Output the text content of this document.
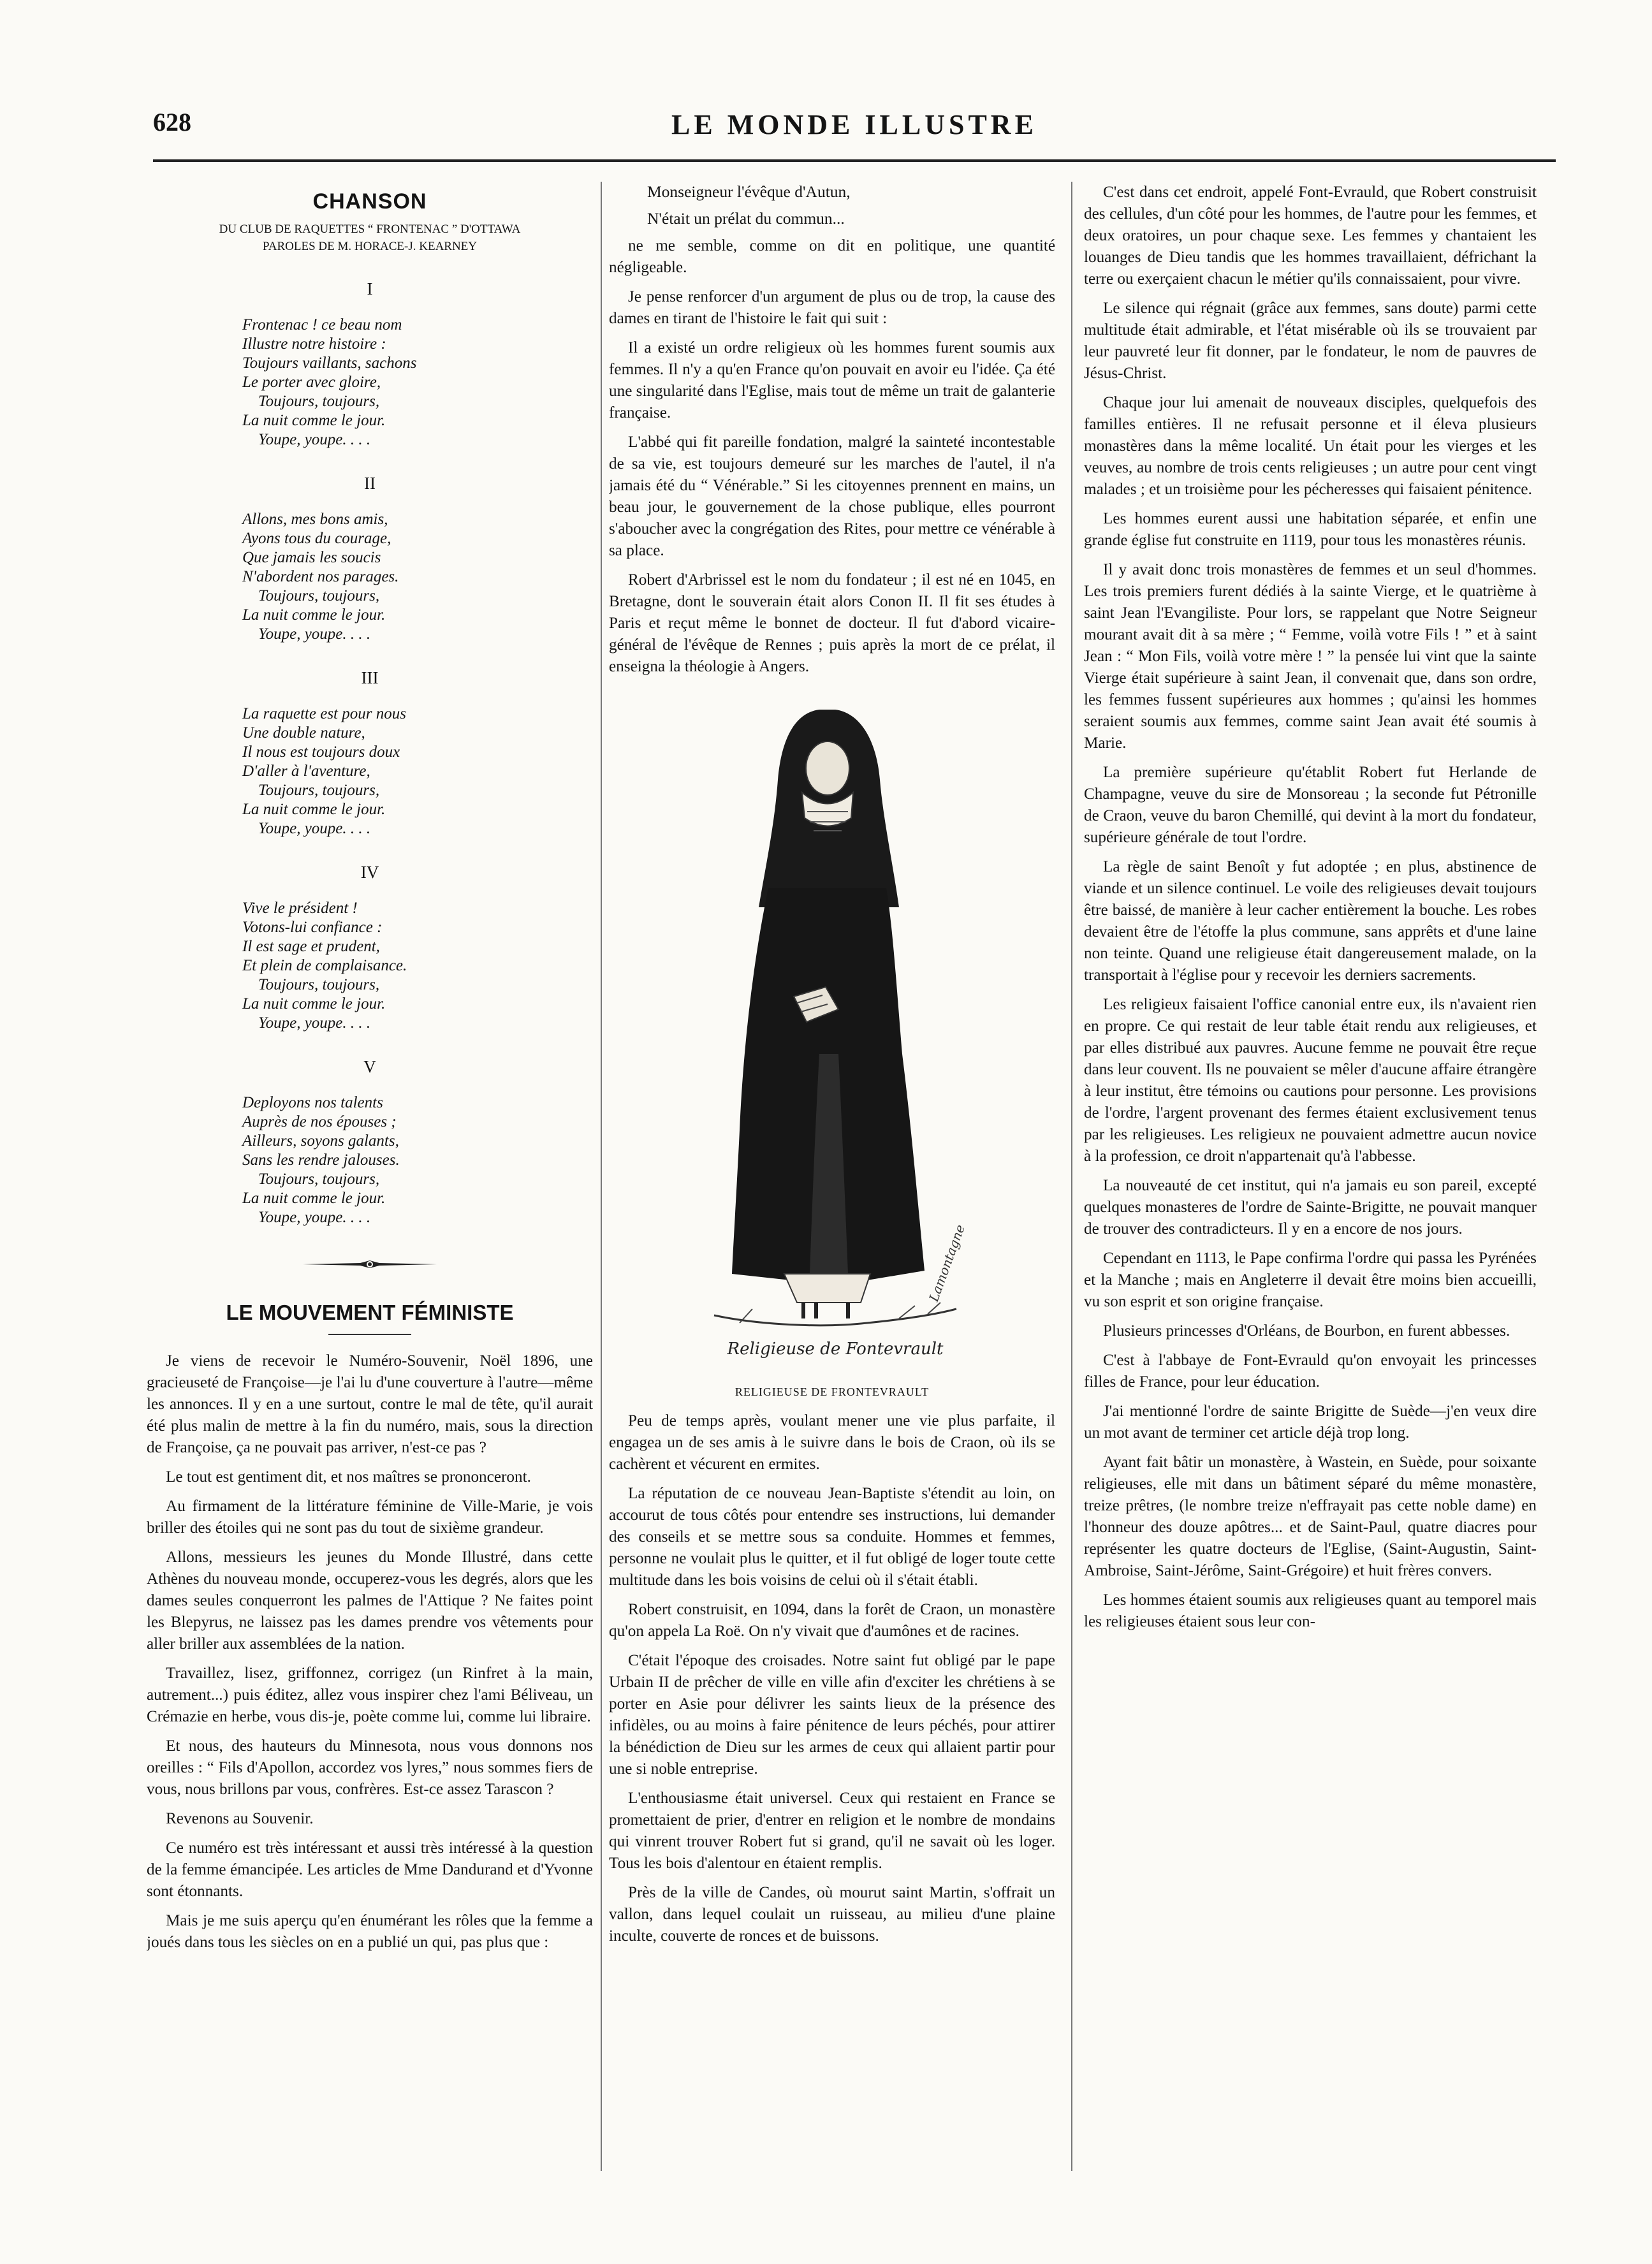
628	LE MONDE ILLUSTRE
CHANSON
DU CLUB DE RAQUETTES “ FRONTENAC ” D'OTTAWA
PAROLES DE M. HORACE-J. KEARNEY
I
Frontenac ! ce beau nom
Illustre notre histoire :
Toujours vaillants, sachons
Le porter avec gloire,
Toujours, toujours,
La nuit comme le jour.
Youpe, youpe. . . .
II
Allons, mes bons amis,
Ayons tous du courage,
Que jamais les soucis
N'abordent nos parages.
Toujours, toujours,
La nuit comme le jour.
Youpe, youpe. . . .
III
La raquette est pour nous
Une double nature,
Il nous est toujours doux
D'aller à l'aventure,
Toujours, toujours,
La nuit comme le jour.
Youpe, youpe. . . .
IV
Vive le président !
Votons-lui confiance :
Il est sage et prudent,
Et plein de complaisance.
Toujours, toujours,
La nuit comme le jour.
Youpe, youpe. . . .
V
Deployons nos talents
Auprès de nos épouses ;
Ailleurs, soyons galants,
Sans les rendre jalouses.
Toujours, toujours,
La nuit comme le jour.
Youpe, youpe. . . .
LE MOUVEMENT FÉMINISTE

Je viens de recevoir le Numéro-Souvenir, Noël 1896, une gracieuseté de Françoise—je l'ai lu d'une couverture à l'autre—même les annonces. Il y en a une surtout, contre le mal de tête, qu'il aurait été plus malin de mettre à la fin du numéro, mais, sous la direction de Françoise, ça ne pouvait pas arriver, n'est-ce pas ?

Le tout est gentiment dit, et nos maîtres se prononceront.

Au firmament de la littérature féminine de Ville-Marie, je vois briller des étoiles qui ne sont pas du tout de sixième grandeur.

Allons, messieurs les jeunes du Monde Illustré, dans cette Athènes du nouveau monde, occuperez-vous les degrés, alors que les dames seules conquerront les palmes de l'Attique ? Ne faites point les Blepyrus, ne laissez pas les dames prendre vos vêtements pour aller briller aux assemblées de la nation.

Travaillez, lisez, griffonnez, corrigez (un Rinfret à la main, autrement...) puis éditez, allez vous inspirer chez l'ami Béliveau, un Crémazie en herbe, vous dis-je, poète comme lui, comme lui libraire.

Et nous, des hauteurs du Minnesota, nous vous donnons nos oreilles : “ Fils d'Apollon, accordez vos lyres,” nous sommes fiers de vous, nous brillons par vous, confrères. Est-ce assez Tarascon ?

Revenons au Souvenir.

Ce numéro est très intéressant et aussi très intéressé à la question de la femme émancipée. Les articles de Mme Dandurand et d'Yvonne sont étonnants.

Mais je me suis aperçu qu'en énumérant les rôles que la femme a joués dans tous les siècles on en a publié un qui, pas plus que :

Monseigneur l'évêque d'Autun,
N'était un prélat du commun...

ne me semble, comme on dit en politique, une quantité négligeable.

Je pense renforcer d'un argument de plus ou de trop, la cause des dames en tirant de l'histoire le fait qui suit :

Il a existé un ordre religieux où les hommes furent soumis aux femmes. Il n'y a qu'en France qu'on pouvait en avoir eu l'idée. Ça été une singularité dans l'Eglise, mais tout de même un trait de galanterie française.

L'abbé qui fit pareille fondation, malgré la sainteté incontestable de sa vie, est toujours demeuré sur les marches de l'autel, il n'a jamais été du “ Vénérable.” Si les citoyennes prennent en mains, un beau jour, le gouvernement de la chose publique, elles pourront s'aboucher avec la congrégation des Rites, pour mettre ce vénérable à sa place.

Robert d'Arbrissel est le nom du fondateur ; il est né en 1045, en Bretagne, dont le souverain était alors Conon II. Il fit ses études à Paris et reçut même le bonnet de docteur. Il fut d'abord vicaire-général de l'évêque de Rennes ; puis après la mort de ce prélat, il enseigna la théologie à Angers.

Lamontagne
Religieuse de Fontevrault
RELIGIEUSE DE FRONTEVRAULT

Peu de temps après, voulant mener une vie plus parfaite, il engagea un de ses amis à le suivre dans le bois de Craon, où ils se cachèrent et vécurent en ermites.

La réputation de ce nouveau Jean-Baptiste s'étendit au loin, on accourut de tous côtés pour entendre ses instructions, lui demander des conseils et se mettre sous sa conduite. Hommes et femmes, personne ne voulait plus le quitter, et il fut obligé de loger toute cette multitude dans les bois voisins de celui où il s'était établi.

Robert construisit, en 1094, dans la forêt de Craon, un monastère qu'on appela La Roë. On n'y vivait que d'aumônes et de racines.

C'était l'époque des croisades. Notre saint fut obligé par le pape Urbain II de prêcher de ville en ville afin d'exciter les chrétiens à se porter en Asie pour délivrer les saints lieux de la présence des infidèles, ou au moins à faire pénitence de leurs péchés, pour attirer la bénédiction de Dieu sur les armes de ceux qui allaient partir pour une si noble entreprise.

L'enthousiasme était universel. Ceux qui restaient en France se promettaient de prier, d'entrer en religion et le nombre de mondains qui vinrent trouver Robert fut si grand, qu'il ne savait où les loger. Tous les bois d'alentour en étaient remplis.

Près de la ville de Candes, où mourut saint Martin, s'offrait un vallon, dans lequel coulait un ruisseau, au milieu d'une plaine inculte, couverte de ronces et de buissons.

C'est dans cet endroit, appelé Font-Evrauld, que Robert construisit des cellules, d'un côté pour les hommes, de l'autre pour les femmes, et deux oratoires, un pour chaque sexe. Les femmes y chantaient les louanges de Dieu tandis que les hommes travaillaient, défrichant la terre ou exerçaient chacun le métier qu'ils connaissaient, pour vivre.

Le silence qui régnait (grâce aux femmes, sans doute) parmi cette multitude était admirable, et l'état misérable où ils se trouvaient par leur pauvreté leur fit donner, par le fondateur, le nom de pauvres de Jésus-Christ.

Chaque jour lui amenait de nouveaux disciples, quelquefois des familles entières. Il ne refusait personne et il éleva plusieurs monastères dans la même localité. Un était pour les vierges et les veuves, au nombre de trois cents religieuses ; un autre pour cent vingt malades ; et un troisième pour les pécheresses qui faisaient pénitence.

Les hommes eurent aussi une habitation séparée, et enfin une grande église fut construite en 1119, pour tous les monastères réunis.

Il y avait donc trois monastères de femmes et un seul d'hommes. Les trois premiers furent dédiés à la sainte Vierge, et le quatrième à saint Jean l'Evangiliste. Pour lors, se rappelant que Notre Seigneur mourant avait dit à sa mère ; “ Femme, voilà votre Fils ! ” et à saint Jean : “ Mon Fils, voilà votre mère ! ” la pensée lui vint que la sainte Vierge était supérieure à saint Jean, il convenait que, dans son ordre, les femmes fussent supérieures aux hommes ; qu'ainsi les hommes seraient soumis aux femmes, comme saint Jean avait été soumis à Marie.

La première supérieure qu'établit Robert fut Herlande de Champagne, veuve du sire de Monsoreau ; la seconde fut Pétronille de Craon, veuve du baron Chemillé, qui devint à la mort du fondateur, supérieure générale de tout l'ordre.

La règle de saint Benoît y fut adoptée ; en plus, abstinence de viande et un silence continuel. Le voile des religieuses devait toujours être baissé, de manière à leur cacher entièrement la bouche. Les robes devaient être de l'étoffe la plus commune, sans apprêts et d'une laine non teinte. Quand une religieuse était dangereusement malade, on la transportait à l'église pour y recevoir les derniers sacrements.

Les religieux faisaient l'office canonial entre eux, ils n'avaient rien en propre. Ce qui restait de leur table était rendu aux religieuses, et par elles distribué aux pauvres. Aucune femme ne pouvait être reçue dans leur couvent. Ils ne pouvaient se mêler d'aucune affaire étrangère à leur institut, être témoins ou cautions pour personne. Les provisions de l'ordre, l'argent provenant des fermes étaient exclusivement tenus par les religieuses. Les religieux ne pouvaient admettre aucun novice à la profession, ce droit n'appartenait qu'à l'abbesse.

La nouveauté de cet institut, qui n'a jamais eu son pareil, excepté quelques monasteres de l'ordre de Sainte-Brigitte, ne pouvait manquer de trouver des contradicteurs. Il y en a encore de nos jours.

Cependant en 1113, le Pape confirma l'ordre qui passa les Pyrénées et la Manche ; mais en Angleterre il devait être moins bien accueilli, vu son esprit et son origine française.

Plusieurs princesses d'Orléans, de Bourbon, en furent abbesses.

C'est à l'abbaye de Font-Evrauld qu'on envoyait les princesses filles de France, pour leur éducation.

J'ai mentionné l'ordre de sainte Brigitte de Suède—j'en veux dire un mot avant de terminer cet article déjà trop long.

Ayant fait bâtir un monastère, à Wastein, en Suède, pour soixante religieuses, elle mit dans un bâtiment séparé du même monastère, treize prêtres, (le nombre treize n'effrayait pas cette noble dame) en l'honneur des douze apôtres... et de Saint-Paul, quatre diacres pour représenter les quatre docteurs de l'Eglise, (Saint-Augustin, Saint-Ambroise, Saint-Jérôme, Saint-Grégoire) et huit frères convers.

Les hommes étaient soumis aux religieuses quant au temporel mais les religieuses étaient sous leur con-
